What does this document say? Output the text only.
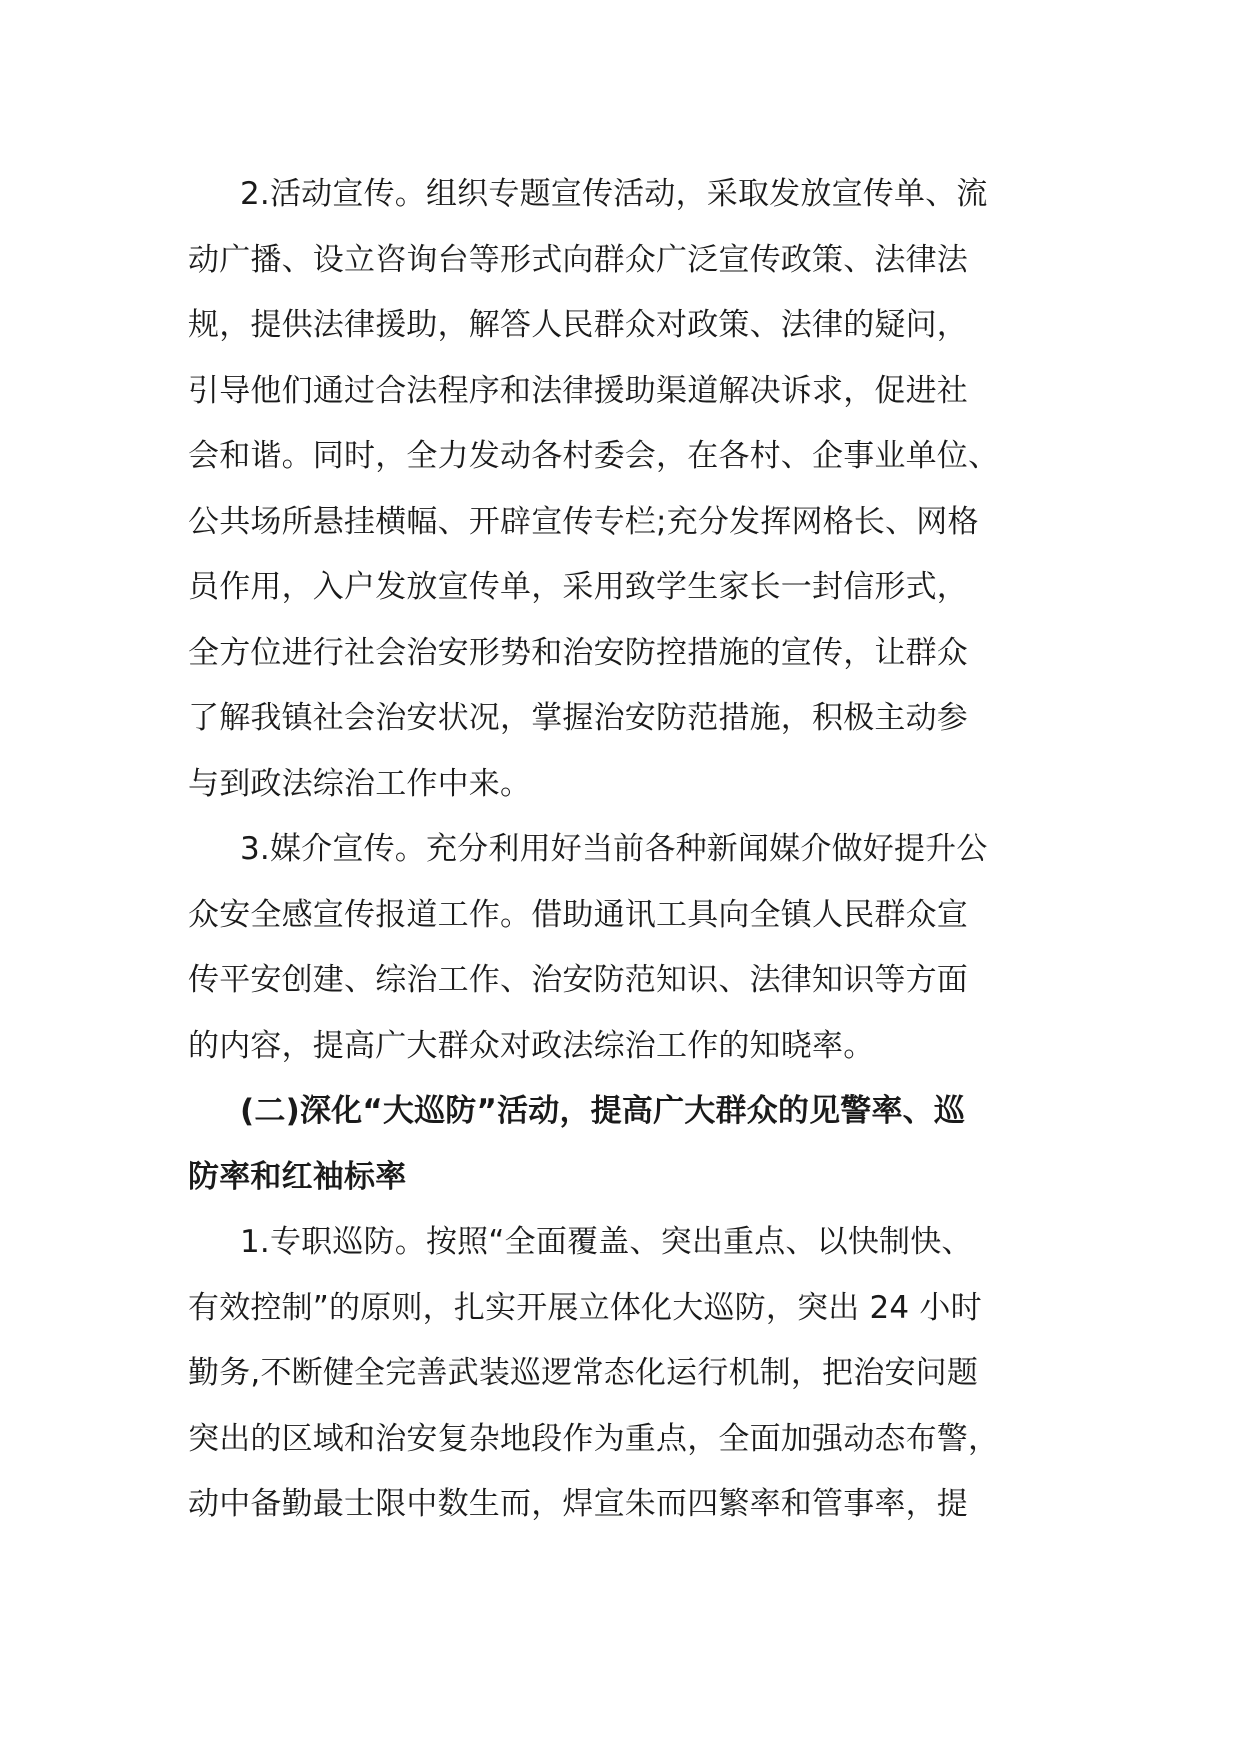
2.活动宣传。组织专题宣传活动，采取发放宣传单、流
动广播、设立咨询台等形式向群众广泛宣传政策、法律法
规，提供法律援助，解答人民群众对政策、法律的疑问，
引导他们通过合法程序和法律援助渠道解决诉求，促进社
会和谐。同时，全力发动各村委会，在各村、企事业单位、
公共场所悬挂横幅、开辟宣传专栏;充分发挥网格长、网格
员作用，入户发放宣传单，采用致学生家长一封信形式，
全方位进行社会治安形势和治安防控措施的宣传，让群众
了解我镇社会治安状况，掌握治安防范措施，积极主动参
与到政法综治工作中来。
3.媒介宣传。充分利用好当前各种新闻媒介做好提升公
众安全感宣传报道工作。借助通讯工具向全镇人民群众宣
传平安创建、综治工作、治安防范知识、法律知识等方面
的内容，提高广大群众对政法综治工作的知晓率。
(二)深化“大巡防”活动，提高广大群众的见警率、巡
防率和红袖标率
1.专职巡防。按照“全面覆盖、突出重点、以快制快、
有效控制”的原则，扎实开展立体化大巡防，突出 24 小时
勤务,不断健全完善武装巡逻常态化运行机制，把治安问题
突出的区域和治安复杂地段作为重点，全面加强动态布警，
动中备勤最士限中数生而，焊宣朱而四繁率和管事率，提
